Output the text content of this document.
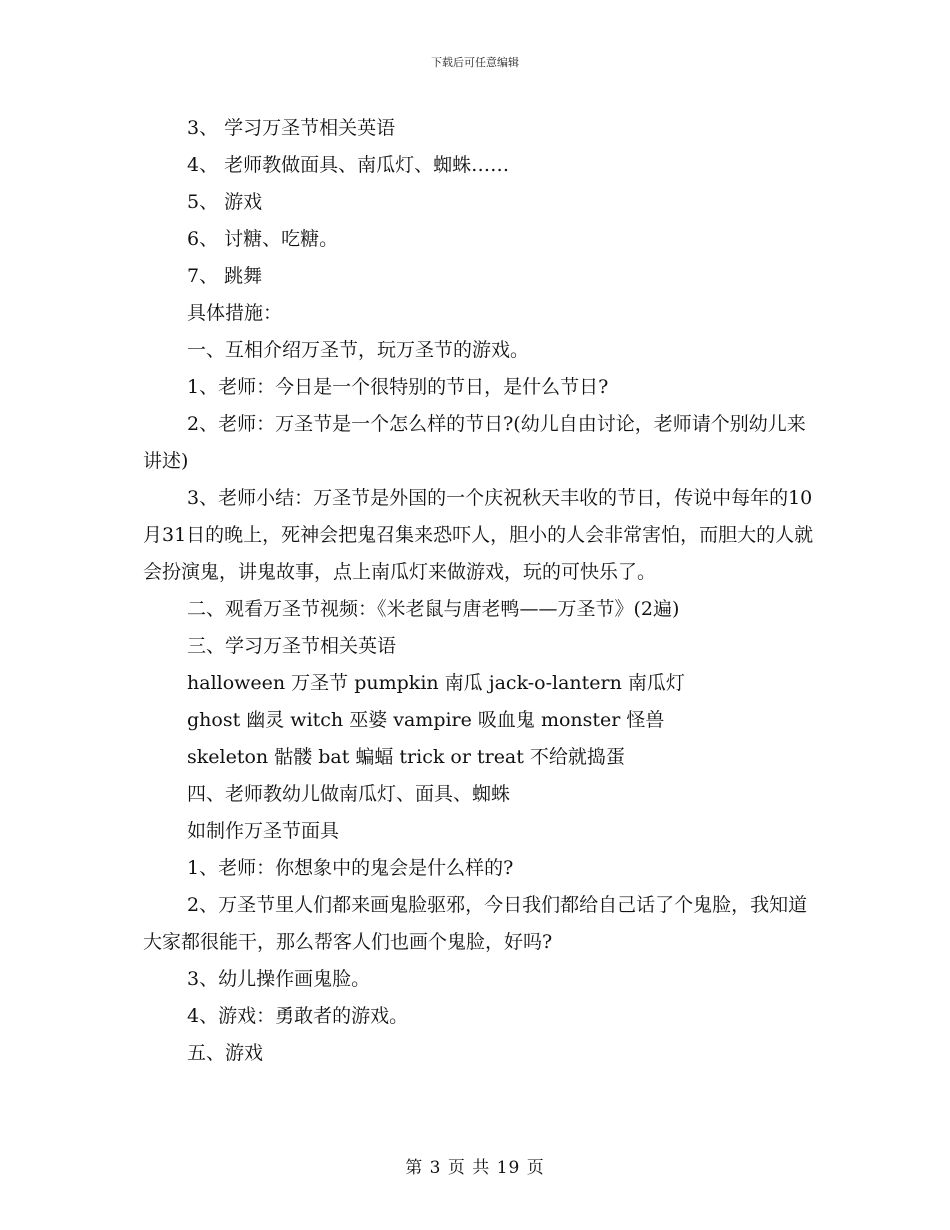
下载后可任意编辑

3、 学习万圣节相关英语

4、 老师教做面具、南瓜灯、蜘蛛……

5、 游戏

6、 讨糖、吃糖。

7、 跳舞

具体措施：

一、互相介绍万圣节，玩万圣节的游戏。

1、老师：今日是一个很特别的节日，是什么节日?

2、老师：万圣节是一个怎么样的节日?(幼儿自由讨论，老师请个别幼儿来讲述)

3、老师小结：万圣节是外国的一个庆祝秋天丰收的节日，传说中每年的10月31日的晚上，死神会把鬼召集来恐吓人，胆小的人会非常害怕，而胆大的人就会扮演鬼，讲鬼故事，点上南瓜灯来做游戏，玩的可快乐了。

二、观看万圣节视频：《米老鼠与唐老鸭——万圣节》(2遍)

三、学习万圣节相关英语

halloween 万圣节 pumpkin 南瓜 jack-o-lantern 南瓜灯

ghost 幽灵 witch 巫婆 vampire 吸血鬼 monster 怪兽

skeleton 骷髅 bat 蝙蝠 trick or treat 不给就捣蛋

四、老师教幼儿做南瓜灯、面具、蜘蛛

如制作万圣节面具

1、老师：你想象中的鬼会是什么样的?

2、万圣节里人们都来画鬼脸驱邪，今日我们都给自己话了个鬼脸，我知道大家都很能干，那么帮客人们也画个鬼脸，好吗?

3、幼儿操作画鬼脸。

4、游戏：勇敢者的游戏。

五、游戏

第 3 页 共 19 页
